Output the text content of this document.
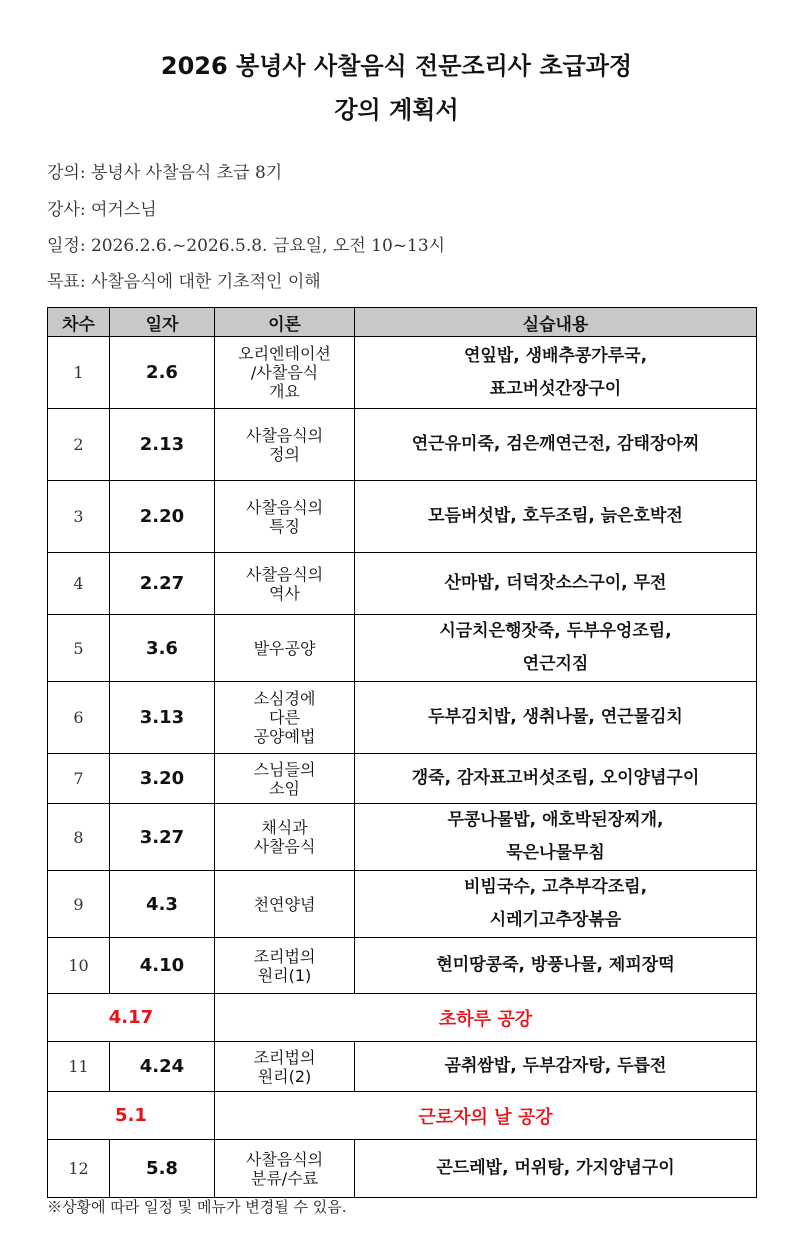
2026 봉녕사 사찰음식 전문조리사 초급과정
강의 계획서
강의: 봉녕사 사찰음식 초급 8기
강사: 여거스님
일정: 2026.2.6.~2026.5.8. 금요일, 오전 10~13시
목표: 사찰음식에 대한 기초적인 이해
차수	일자	이론	실습내용
1	2.6	오리엔테이션
/사찰음식
개요	연잎밥, 생배추콩가루국,
표고버섯간장구이

2	2.13	사찰음식의
정의	연근유미죽, 검은깨연근전, 감태장아찌

3	2.20	사찰음식의
특징	모듬버섯밥, 호두조림, 늙은호박전

4	2.27	사찰음식의
역사	산마밥, 더덕잣소스구이, 무전

5	3.6	발우공양	시금치은행잣죽, 두부우엉조림,
연근지짐

6	3.13	소심경에
다른
공양예법	두부김치밥, 생취나물, 연근물김치

7	3.20	스님들의
소임	갱죽, 감자표고버섯조림, 오이양념구이

8	3.27	채식과
사찰음식	무콩나물밥, 애호박된장찌개,
묵은나물무침

9	4.3	천연양념	비빔국수, 고추부각조림,
시레기고추장볶음

10	4.10	조리법의
원리(1)	현미땅콩죽, 방풍나물, 제피장떡

4.17		초하루 공강	
11	4.24	조리법의
원리(2)	곰취쌈밥, 두부감자탕, 두릅전

5.1		근로자의 날 공강	
12	5.8	사찰음식의
분류/수료	곤드레밥, 머위탕, 가지양념구이
※상황에 따라 일정 및 메뉴가 변경될 수 있음.
